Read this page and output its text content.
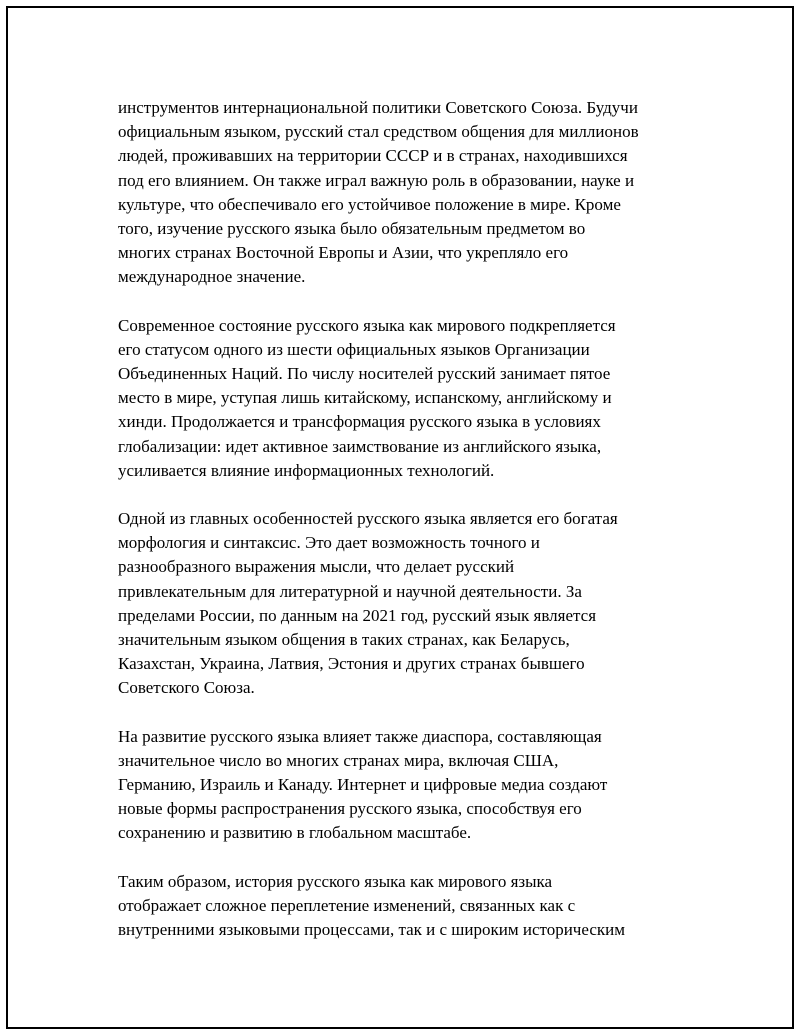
инструментов интернациональной политики Советского Союза. Будучи
официальным языком, русский стал средством общения для миллионов
людей, проживавших на территории СССР и в странах, находившихся
под его влиянием. Он также играл важную роль в образовании, науке и
культуре, что обеспечивало его устойчивое положение в мире. Кроме
того, изучение русского языка было обязательным предметом во
многих странах Восточной Европы и Азии, что укрепляло его
международное значение.

Современное состояние русского языка как мирового подкрепляется
его статусом одного из шести официальных языков Организации
Объединенных Наций. По числу носителей русский занимает пятое
место в мире, уступая лишь китайскому, испанскому, английскому и
хинди. Продолжается и трансформация русского языка в условиях
глобализации: идет активное заимствование из английского языка,
усиливается влияние информационных технологий.

Одной из главных особенностей русского языка является его богатая
морфология и синтаксис. Это дает возможность точного и
разнообразного выражения мысли, что делает русский
привлекательным для литературной и научной деятельности. За
пределами России, по данным на 2021 год, русский язык является
значительным языком общения в таких странах, как Беларусь,
Казахстан, Украина, Латвия, Эстония и других странах бывшего
Советского Союза.

На развитие русского языка влияет также диаспора, составляющая
значительное число во многих странах мира, включая США,
Германию, Израиль и Канаду. Интернет и цифровые медиа создают
новые формы распространения русского языка, способствуя его
сохранению и развитию в глобальном масштабе.

Таким образом, история русского языка как мирового языка
отображает сложное переплетение изменений, связанных как с
внутренними языковыми процессами, так и с широким историческим
